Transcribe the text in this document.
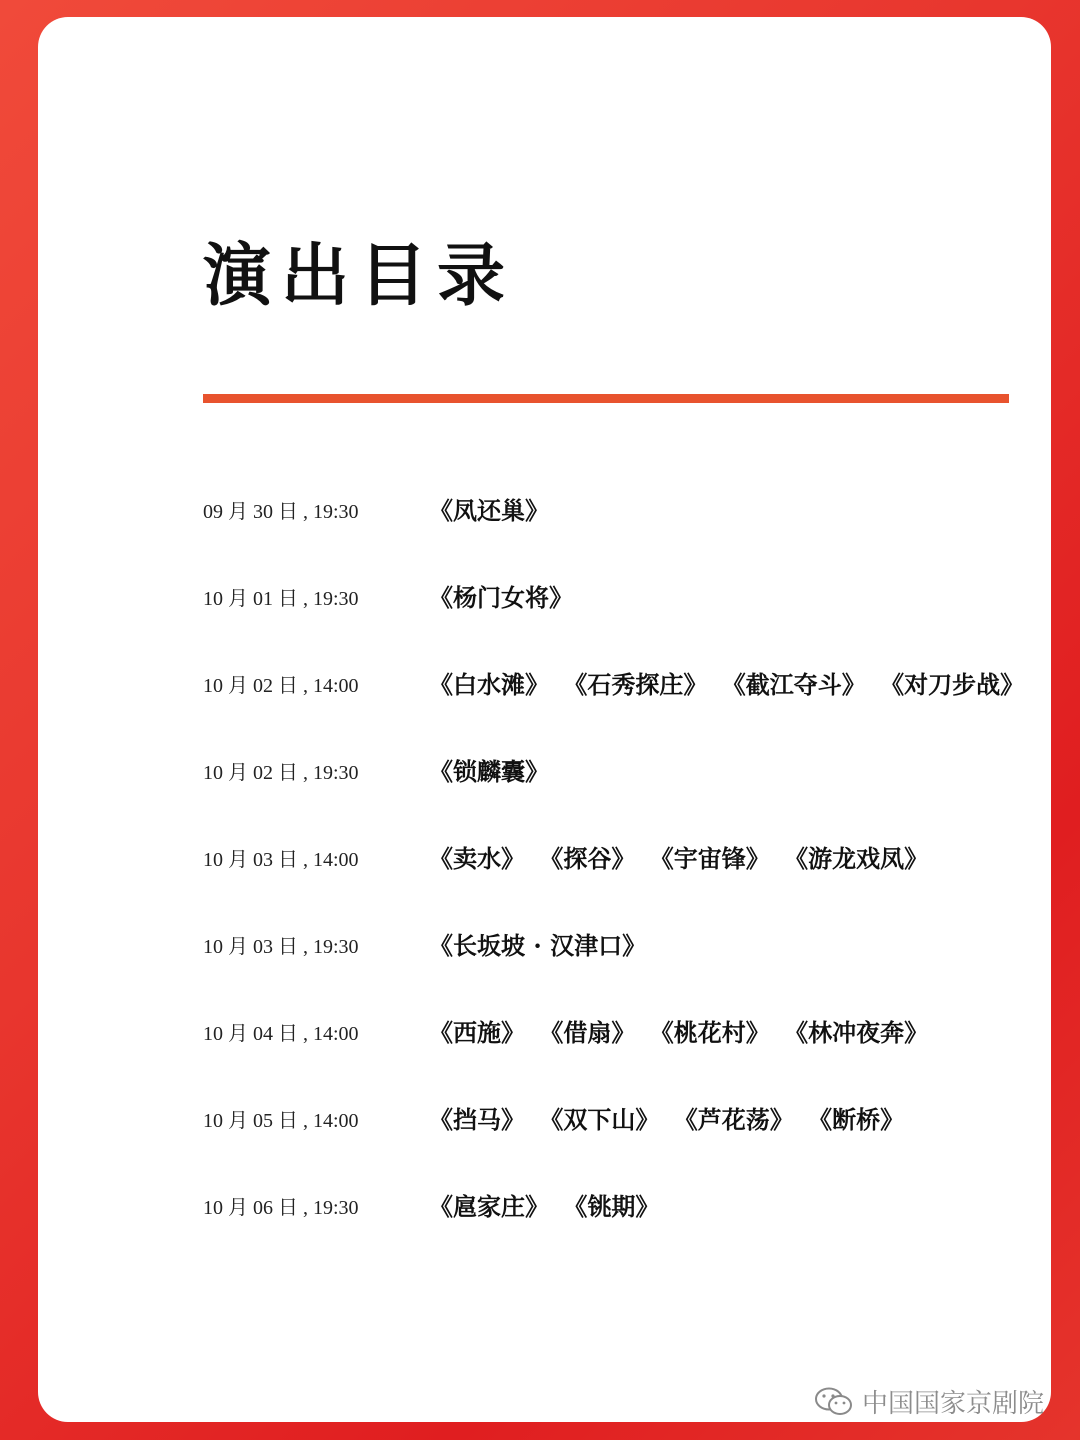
演出目录
09 月 30 日 , 19:30	《凤还巢》
10 月 01 日 , 19:30	《杨门女将》
10 月 02 日 , 14:00	《白水滩》 《石秀探庄》 《截江夺斗》 《对刀步战》
10 月 02 日 , 19:30	《锁麟囊》
10 月 03 日 , 14:00	《卖水》 《探谷》 《宇宙锋》 《游龙戏凤》
10 月 03 日 , 19:30	《长坂坡 · 汉津口》
10 月 04 日 , 14:00	《西施》 《借扇》 《桃花村》 《林冲夜奔》
10 月 05 日 , 14:00	《挡马》 《双下山》 《芦花荡》 《断桥》
10 月 06 日 , 19:30	《扈家庄》 《铫期》
中国国家京剧院
